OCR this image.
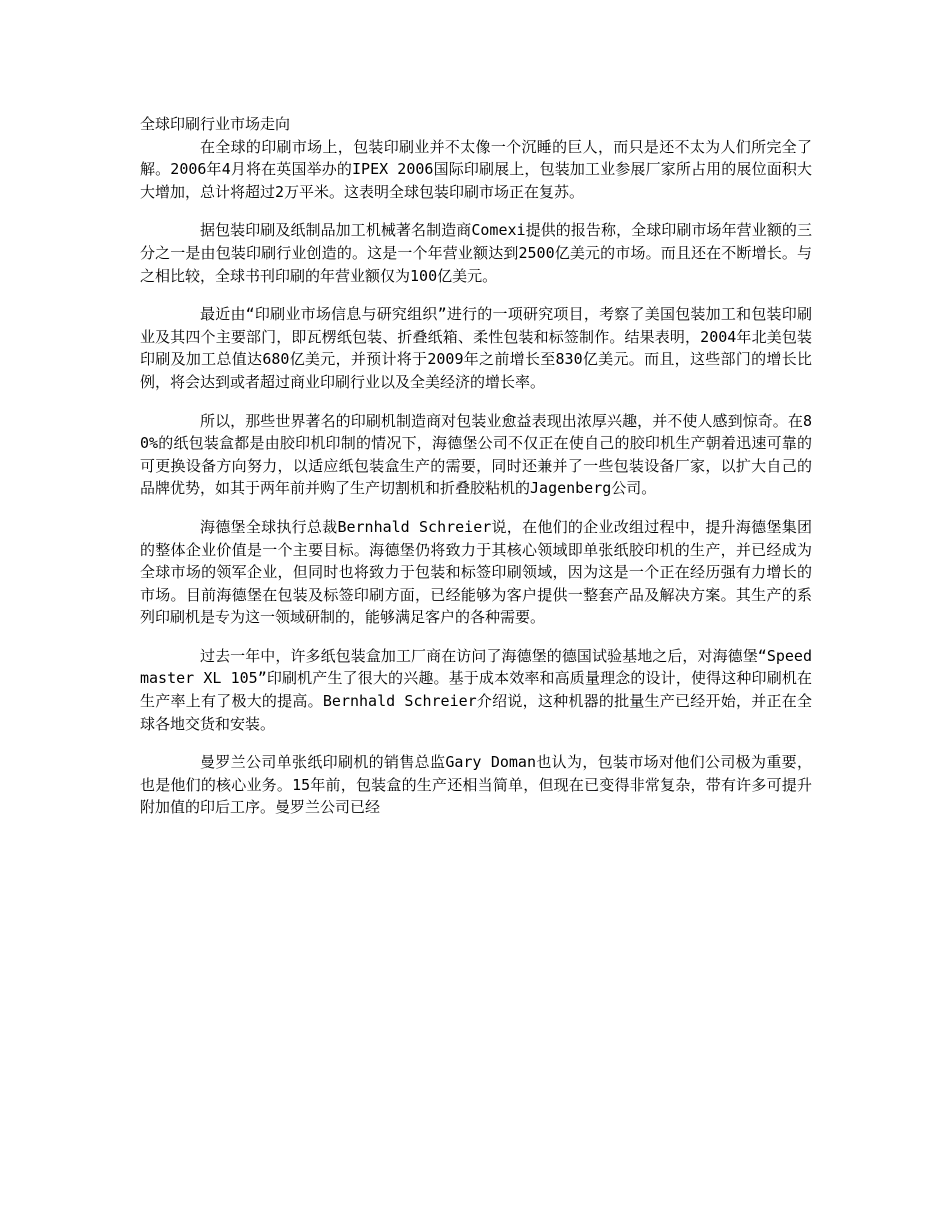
全球印刷行业市场走向

在全球的印刷市场上，包装印刷业并不太像一个沉睡的巨人，而只是还不太为人们所完全了解。2006年4月将在英国举办的IPEX 2006国际印刷展上，包装加工业参展厂家所占用的展位面积大大增加，总计将超过2万平米。这表明全球包装印刷市场正在复苏。

据包装印刷及纸制品加工机械著名制造商Comexi提供的报告称，全球印刷市场年营业额的三分之一是由包装印刷行业创造的。这是一个年营业额达到2500亿美元的市场。而且还在不断增长。与之相比较，全球书刊印刷的年营业额仅为100亿美元。

最近由“印刷业市场信息与研究组织”进行的一项研究项目，考察了美国包装加工和包装印刷业及其四个主要部门，即瓦楞纸包装、折叠纸箱、柔性包装和标签制作。结果表明，2004年北美包装印刷及加工总值达680亿美元，并预计将于2009年之前增长至830亿美元。而且，这些部门的增长比例，将会达到或者超过商业印刷行业以及全美经济的增长率。

所以，那些世界著名的印刷机制造商对包装业愈益表现出浓厚兴趣，并不使人感到惊奇。在80%的纸包装盒都是由胶印机印制的情况下，海德堡公司不仅正在使自己的胶印机生产朝着迅速可靠的可更换设备方向努力，以适应纸包装盒生产的需要，同时还兼并了一些包装设备厂家，以扩大自己的品牌优势，如其于两年前并购了生产切割机和折叠胶粘机的Jagenberg公司。

海德堡全球执行总裁Bernhald Schreier说，在他们的企业改组过程中，提升海德堡集团的整体企业价值是一个主要目标。海德堡仍将致力于其核心领域即单张纸胶印机的生产，并已经成为全球市场的领军企业，但同时也将致力于包装和标签印刷领域，因为这是一个正在经历强有力增长的市场。目前海德堡在包装及标签印刷方面，已经能够为客户提供一整套产品及解决方案。其生产的系列印刷机是专为这一领域研制的，能够满足客户的各种需要。

过去一年中，许多纸包装盒加工厂商在访问了海德堡的德国试验基地之后，对海德堡“Speedmaster XL 105”印刷机产生了很大的兴趣。基于成本效率和高质量理念的设计，使得这种印刷机在生产率上有了极大的提高。Bernhald Schreier介绍说，这种机器的批量生产已经开始，并正在全球各地交货和安装。

曼罗兰公司单张纸印刷机的销售总监Gary Doman也认为，包装市场对他们公司极为重要，也是他们的核心业务。15年前，包装盒的生产还相当简单，但现在已变得非常复杂，带有许多可提升附加值的印后工序。曼罗兰公司已经
